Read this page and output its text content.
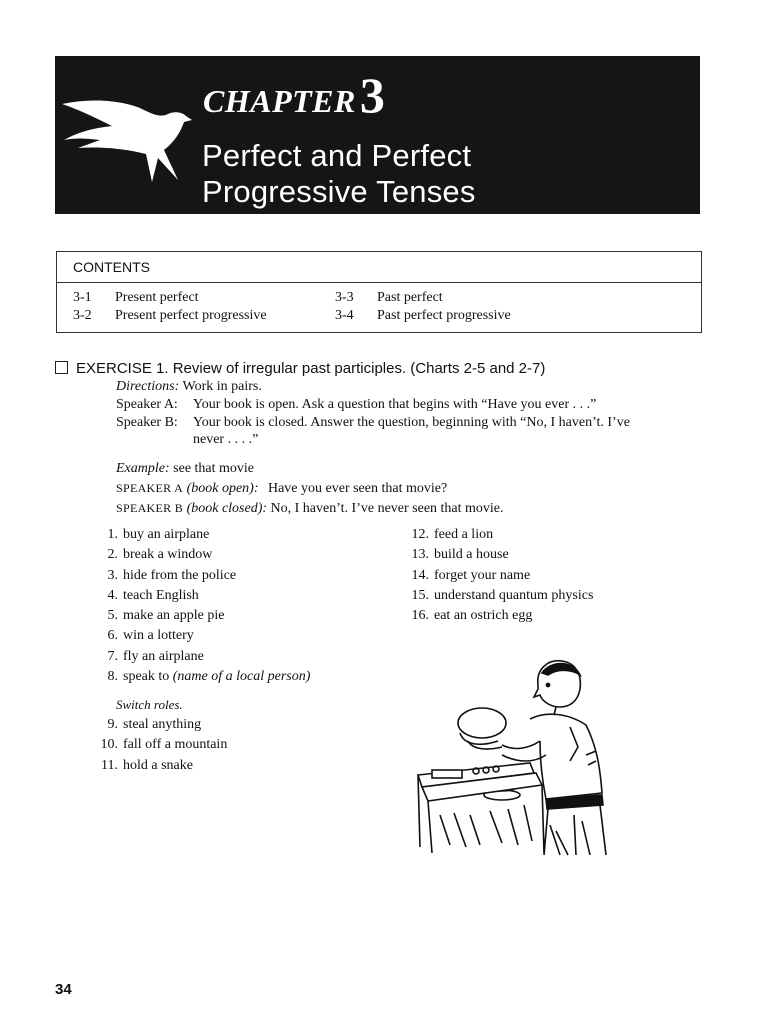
CHAPTER3
Perfect and Perfect
Progressive Tenses
CONTENTS
3-1 Present perfect
3-2 Present perfect progressive
3-3 Past perfect
3-4 Past perfect progressive
EXERCISE 1. Review of irregular past participles. (Charts 2-5 and 2-7)
Directions: Work in pairs.
Speaker A: Your book is open. Ask a question that begins with “Have you ever . . .”
Speaker B: Your book is closed. Answer the question, beginning with “No, I haven’t. I’ve
never . . . .”
Example: see that movie
SPEAKER A (book open): Have you ever seen that movie?
SPEAKER B (book closed): No, I haven’t. I’ve never seen that movie.
1. buy an airplane
2. break a window
3. hide from the police
4. teach English
5. make an apple pie
6. win a lottery
7. fly an airplane
8. speak to (name of a local person)
Switch roles.
9. steal anything
10. fall off a mountain
11. hold a snake
12. feed a lion
13. build a house
14. forget your name
15. understand quantum physics
16. eat an ostrich egg
34
